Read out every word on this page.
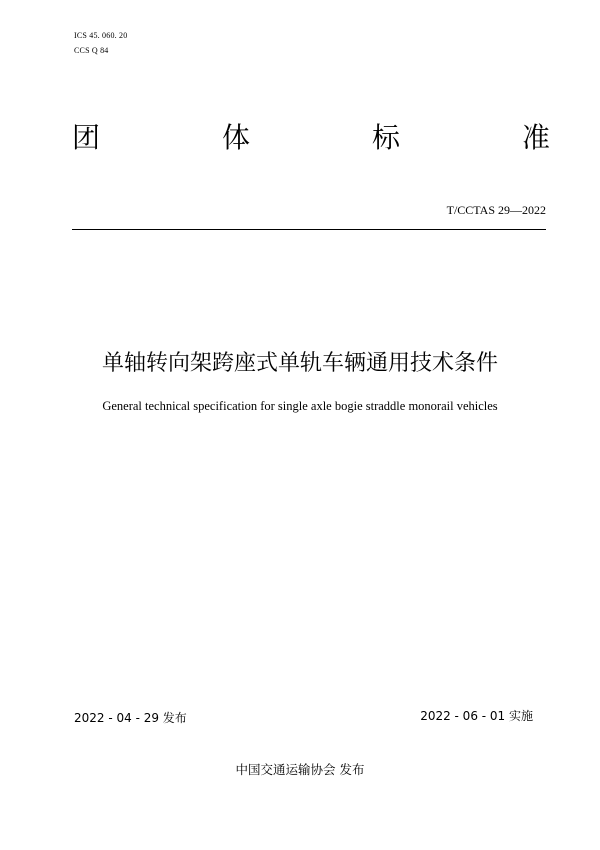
ICS 45. 060. 20
CCS Q 84
团	体	标	准
T/CCTAS 29—2022
单轴转向架跨座式单轨车辆通用技术条件
General technical specification for single axle bogie straddle monorail vehicles
2022 - 04 - 29 发布	2022 - 06 - 01 实施
中国交通运输协会 发布
